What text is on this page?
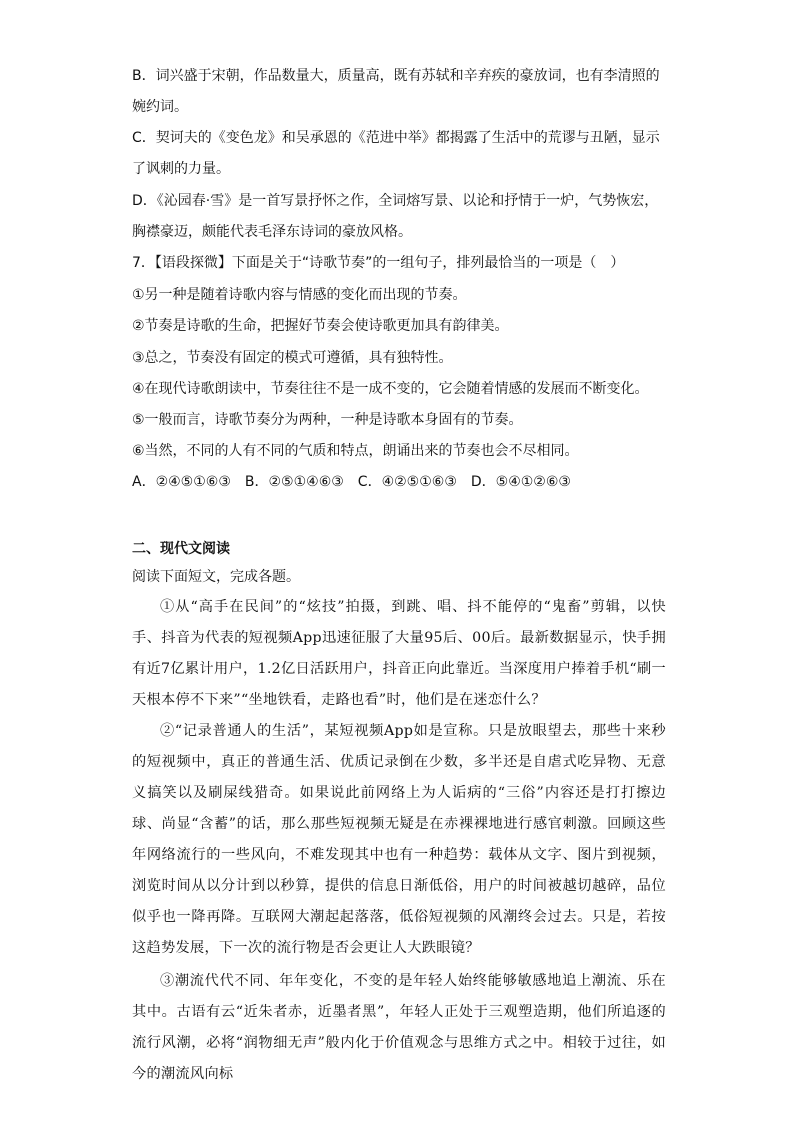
B．词兴盛于宋朝，作品数量大，质量高，既有苏轼和辛弃疾的豪放词，也有李清照的
婉约词。
C．契诃夫的《变色龙》和吴承恩的《范进中举》都揭露了生活中的荒谬与丑陋，显示
了讽刺的力量。
D．《沁园春·雪》是一首写景抒怀之作，全词熔写景、以论和抒情于一炉，气势恢宏，
胸襟豪迈，颇能代表毛泽东诗词的豪放风格。
7．【语段探微】下面是关于“诗歌节奏”的一组句子，排列最恰当的一项是（　）
①另一种是随着诗歌内容与情感的变化而出现的节奏。
②节奏是诗歌的生命，把握好节奏会使诗歌更加具有韵律美。
③总之，节奏没有固定的模式可遵循，具有独特性。
④在现代诗歌朗读中，节奏往往不是一成不变的，它会随着情感的发展而不断变化。
⑤一般而言，诗歌节奏分为两种，一种是诗歌本身固有的节奏。
⑥当然，不同的人有不同的气质和特点，朗诵出来的节奏也会不尽相同。
A．②④⑤①⑥③　B．②⑤①④⑥③　C．④②⑤①⑥③　D．⑤④①②⑥③
二、现代文阅读
阅读下面短文，完成各题。

①从“高手在民间”的“炫技”拍摄，到跳、唱、抖不能停的“鬼畜”剪辑，以快手、抖音为代表的短视频App迅速征服了大量95后、00后。最新数据显示，快手拥有近7亿累计用户，1.2亿日活跃用户，抖音正向此靠近。当深度用户捧着手机“刷一天根本停不下来”“坐地铁看，走路也看”时，他们是在迷恋什么？

②“记录普通人的生活”，某短视频App如是宣称。只是放眼望去，那些十来秒的短视频中，真正的普通生活、优质记录倒在少数，多半还是自虐式吃异物、无意义搞笑以及刷屎线猎奇。如果说此前网络上为人诟病的“三俗”内容还是打打擦边球、尚显“含蓄”的话，那么那些短视频无疑是在赤裸裸地进行感官刺激。回顾这些年网络流行的一些风向，不难发现其中也有一种趋势：载体从文字、图片到视频，浏览时间从以分计到以秒算，提供的信息日渐低俗，用户的时间被越切越碎，品位似乎也一降再降。互联网大潮起起落落，低俗短视频的风潮终会过去。只是，若按这趋势发展，下一次的流行物是否会更让人大跌眼镜？

③潮流代代不同、年年变化，不变的是年轻人始终能够敏感地追上潮流、乐在其中。古语有云“近朱者赤，近墨者黑”，年轻人正处于三观塑造期，他们所追逐的流行风潮，必将“润物细无声”般内化于价值观念与思维方式之中。相较于过往，如今的潮流风向标
